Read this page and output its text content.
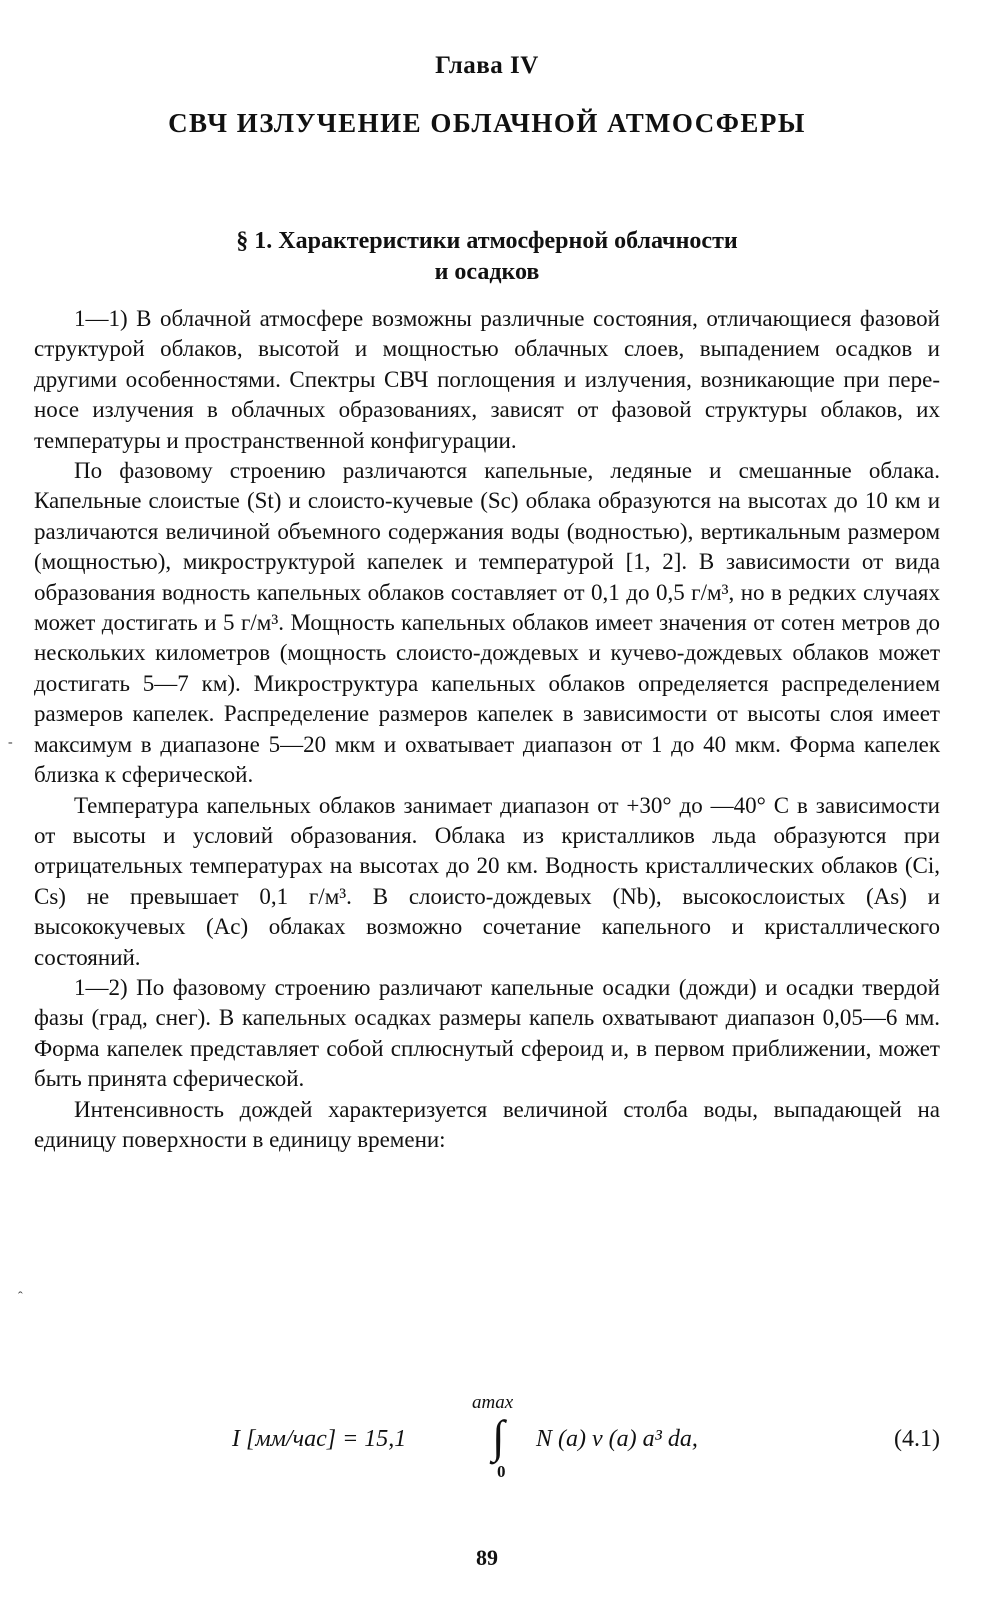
Глава IV
СВЧ ИЗЛУЧЕНИЕ ОБЛАЧНОЙ АТМОСФЕРЫ
§ 1. Характеристики атмосферной облачности
и осадков

1—1) В облачной атмосфере возможны различные состояния, отличающиеся фазовой структурой облаков, высотой и мощностью облачных слоев, выпадением осадков и другими особенностями. Спектры СВЧ поглощения и излучения, возникающие при переносе излучения в облачных образованиях, зависят от фазовой структуры облаков, их температуры и пространственной конфигурации.

По фазовому строению различаются капельные, ледяные и смешанные облака. Капельные слоистые (St) и слоисто-кучевые (Sc) облака образуются на высотах до 10 км и различаются величиной объемного содержания воды (водностью), вертикальным размером (мощностью), микроструктурой капелек и температурой [1, 2]. В зависимости от вида образования водность капельных облаков составляет от 0,1 до 0,5 г/м³, но в редких случаях может достигать и 5 г/м³. Мощность капельных облаков имеет значения от сотен метров до нескольких километров (мощность слоисто-дождевых и кучево-дождевых облаков может достигать 5—7 км). Микроструктура капельных облаков определяется распределением размеров капелек. Распределение размеров капелек в зависимости от высоты слоя имеет максимум в диапазоне 5—20 мкм и охватывает диапазон от 1 до 40 мкм. Форма капелек близка к сферической.

Температура капельных облаков занимает диапазон от +30° до —40° С в зависимости от высоты и условий образования. Облака из кристалликов льда образуются при отрицательных температурах на высотах до 20 км. Водность кристаллических облаков (Ci, Cs) не превышает 0,1 г/м³. В слоисто-дождевых (Nb), высокослоистых (As) и высококучевых (Ac) облаках возможно сочетание капельного и кристаллического состояний.

1—2) По фазовому строению различают капельные осадки (дожди) и осадки твердой фазы (град, снег). В капельных осадках размеры капель охватывают диапазон 0,05—6 мм. Форма капелек представляет собой сплюснутый сфероид и, в первом приближении, может быть принята сферической.

Интенсивность дождей характеризуется величиной столба воды, выпадающей на единицу поверхности в единицу времени:

I [мм/час] = 15,1
amax
∫
0
N (a) v (a) a³ da,	(4.1)
89
-
ˆ
